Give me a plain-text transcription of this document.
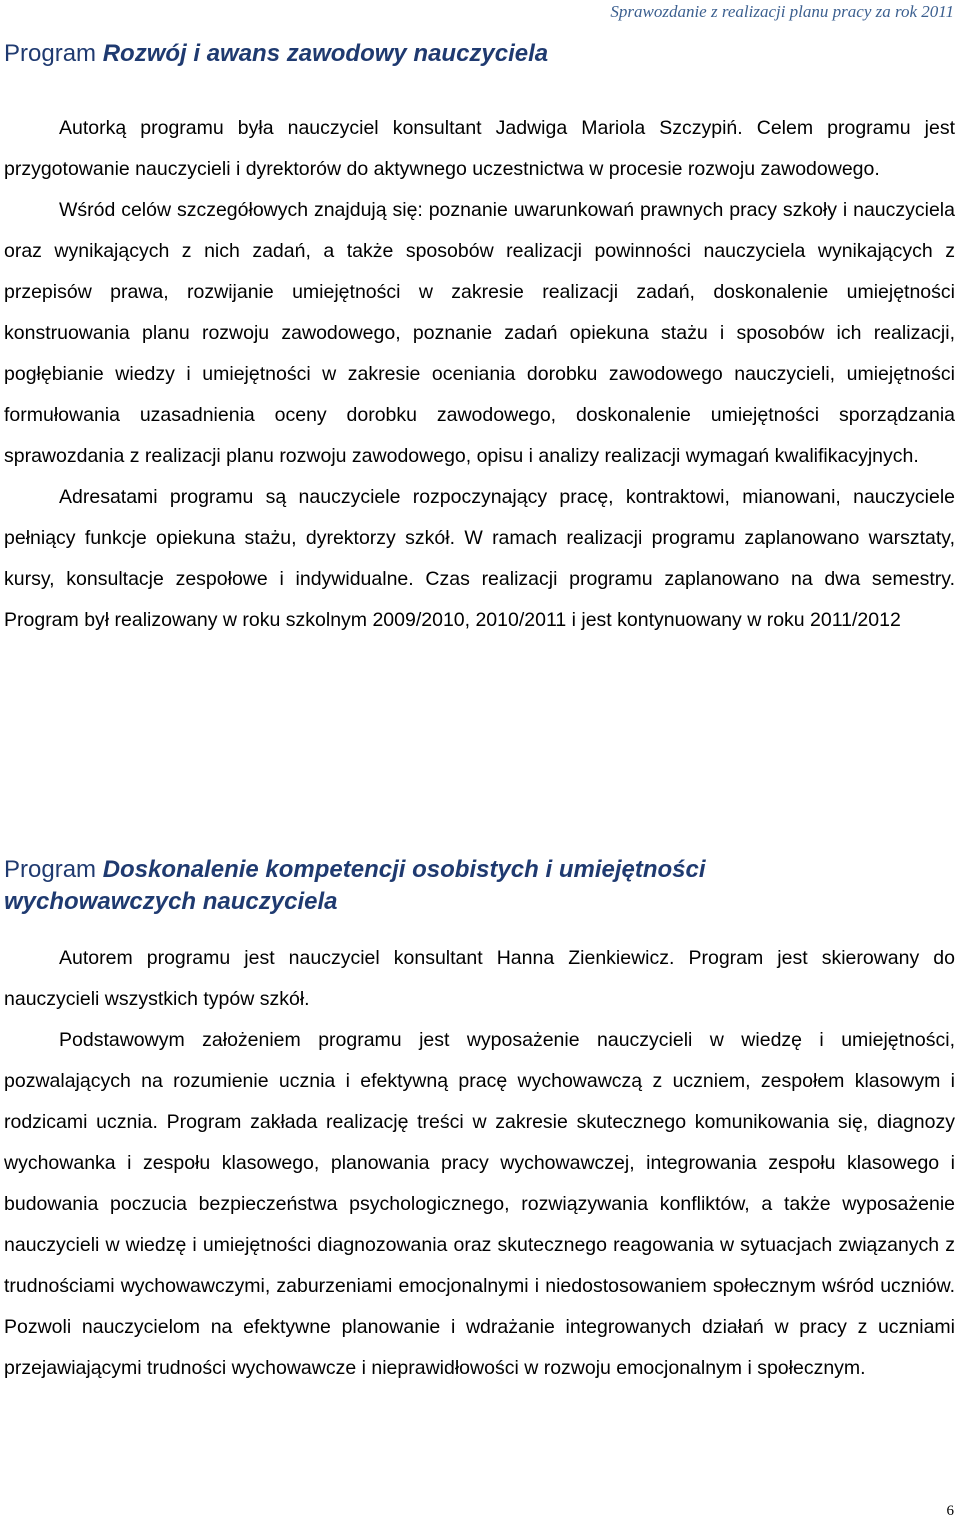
Sprawozdanie z realizacji planu pracy za rok 2011
Program Rozwój i awans zawodowy nauczyciela

Autorką programu była nauczyciel konsultant Jadwiga Mariola Szczypiń. Celem programu jest przygotowanie nauczycieli i dyrektorów do aktywnego uczestnictwa w procesie rozwoju zawodowego.

Wśród celów szczegółowych znajdują się: poznanie uwarunkowań prawnych pracy szkoły i nauczyciela oraz wynikających z nich zadań, a także sposobów realizacji powinności nauczyciela wynikających z przepisów prawa, rozwijanie umiejętności w zakresie realizacji zadań, doskonalenie umiejętności konstruowania planu rozwoju zawodowego, poznanie zadań opiekuna stażu i sposobów ich realizacji, pogłębianie wiedzy i umiejętności w zakresie oceniania dorobku zawodowego nauczycieli, umiejętności formułowania uzasadnienia oceny dorobku zawodowego, doskonalenie umiejętności sporządzania sprawozdania z realizacji planu rozwoju zawodowego, opisu i analizy realizacji wymagań kwalifikacyjnych.

Adresatami programu są nauczyciele rozpoczynający pracę, kontraktowi, mianowani, nauczyciele pełniący funkcje opiekuna stażu, dyrektorzy szkół. W ramach realizacji programu zaplanowano warsztaty, kursy, konsultacje zespołowe i indywidualne. Czas realizacji programu zaplanowano na dwa semestry. Program był realizowany w roku szkolnym 2009/2010, 2010/2011 i jest kontynuowany w roku 2011/2012

Program Doskonalenie kompetencji osobistych i umiejętności wychowawczych nauczyciela

Autorem programu jest nauczyciel konsultant Hanna Zienkiewicz. Program jest skierowany do nauczycieli wszystkich typów szkół.

Podstawowym założeniem programu jest wyposażenie nauczycieli w wiedzę i umiejętności, pozwalających na rozumienie ucznia i efektywną pracę wychowawczą z uczniem, zespołem klasowym i rodzicami ucznia. Program zakłada realizację treści w zakresie skutecznego komunikowania się, diagnozy wychowanka i zespołu klasowego, planowania pracy wychowawczej, integrowania zespołu klasowego i budowania poczucia bezpieczeństwa psychologicznego, rozwiązywania konfliktów, a także wyposażenie nauczycieli w wiedzę i umiejętności diagnozowania oraz skutecznego reagowania w sytuacjach związanych z trudnościami wychowawczymi, zaburzeniami emocjonalnymi i niedostosowaniem społecznym wśród uczniów. Pozwoli nauczycielom na efektywne planowanie i wdrażanie integrowanych działań w pracy z uczniami przejawiającymi trudności wychowawcze i nieprawidłowości w rozwoju emocjonalnym i społecznym.

6
